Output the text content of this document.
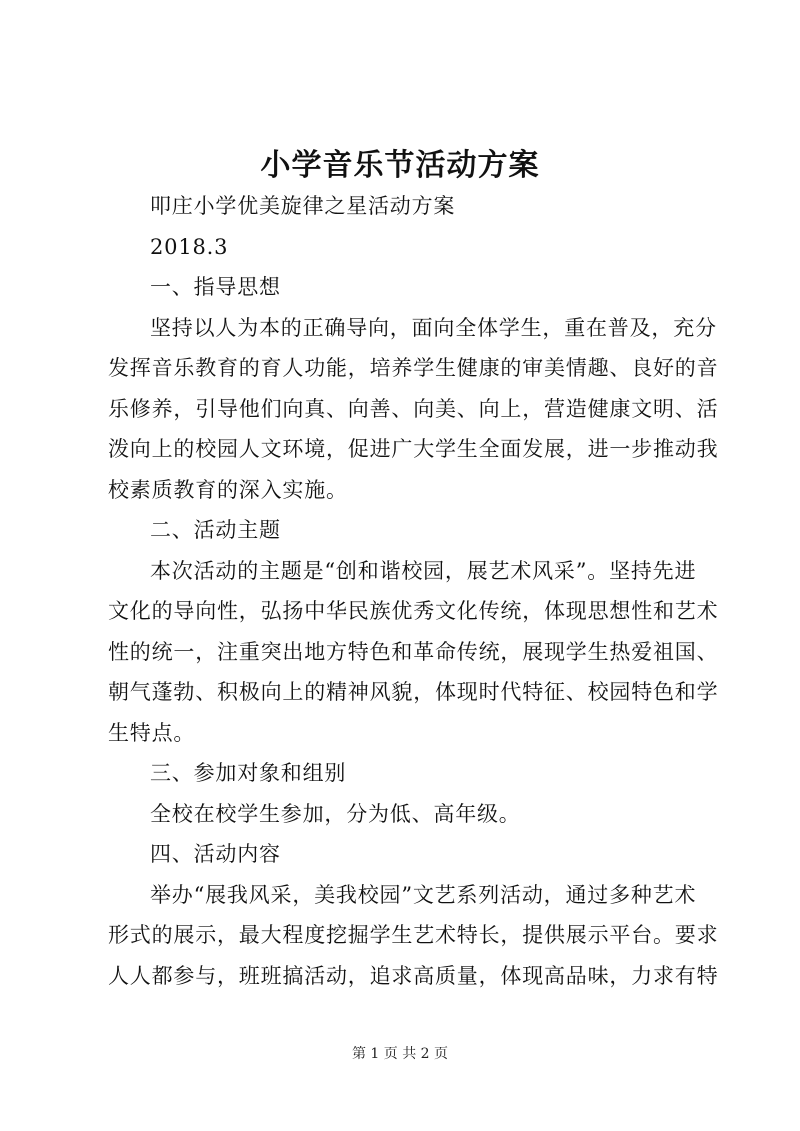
小学音乐节活动方案
叩庄小学优美旋律之星活动方案
2018.3
一、指导思想
坚持以人为本的正确导向，面向全体学生，重在普及，充分
发挥音乐教育的育人功能，培养学生健康的审美情趣、良好的音
乐修养，引导他们向真、向善、向美、向上，营造健康文明、活
泼向上的校园人文环境，促进广大学生全面发展，进一步推动我
校素质教育的深入实施。
二、活动主题
本次活动的主题是“创和谐校园，展艺术风采”。坚持先进
文化的导向性，弘扬中华民族优秀文化传统，体现思想性和艺术
性的统一，注重突出地方特色和革命传统，展现学生热爱祖国、
朝气蓬勃、积极向上的精神风貌，体现时代特征、校园特色和学
生特点。
三、参加对象和组别
全校在校学生参加，分为低、高年级。
四、活动内容
举办“展我风采，美我校园”文艺系列活动，通过多种艺术
形式的展示，最大程度挖掘学生艺术特长，提供展示平台。要求
人人都参与，班班搞活动，追求高质量，体现高品味，力求有特
第 1 页 共 2 页
